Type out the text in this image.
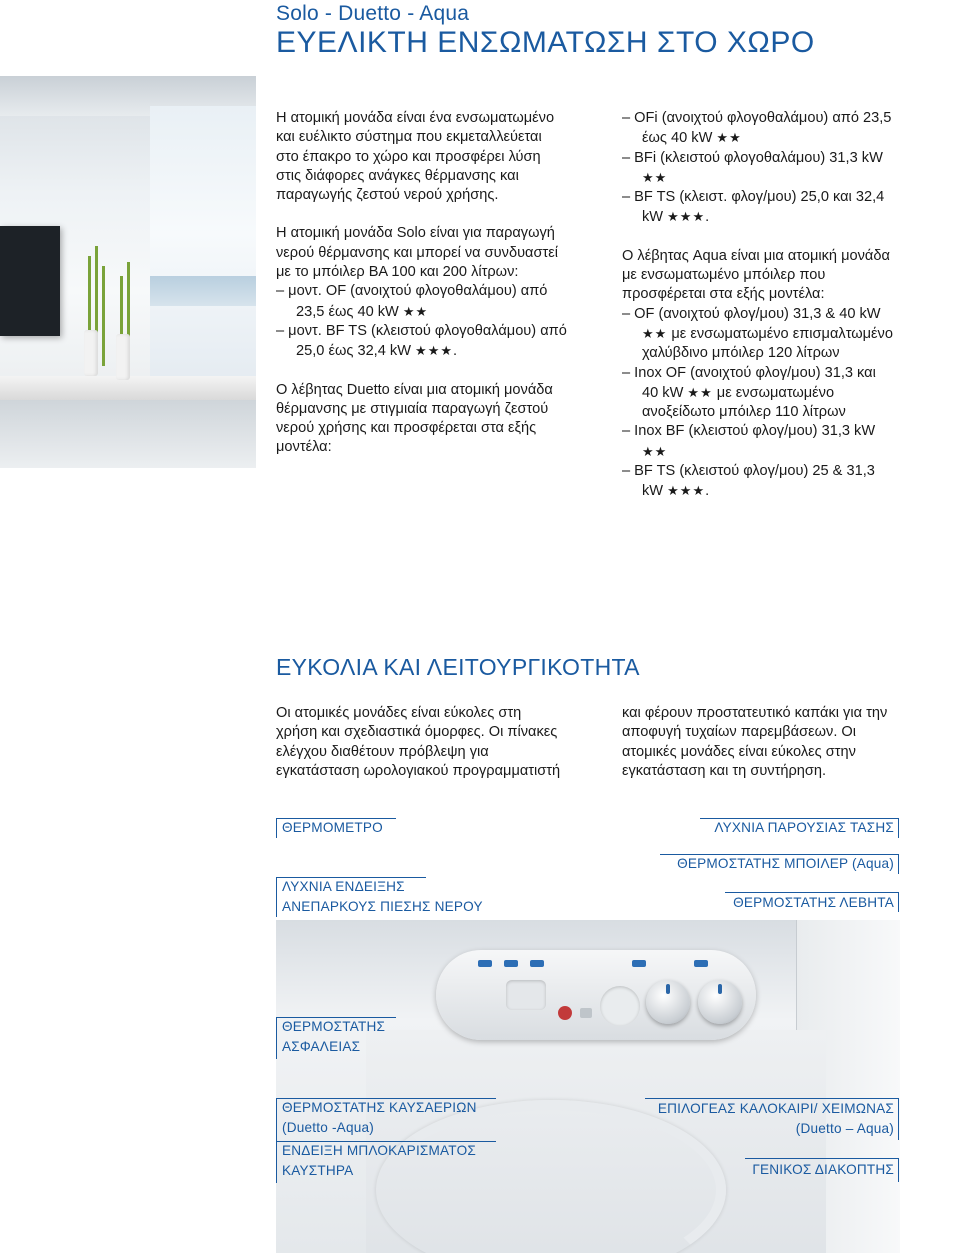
Solo - Duetto - Aqua
ΕΥΕΛΙΚΤΗ ΕΝΣΩΜΑΤΩΣΗ ΣΤΟ ΧΩΡΟ

Η ατομική μονάδα είναι ένα ενσωματωμένο και ευέλικτο σύστημα που εκμεταλλεύεται στο έπακρο το χώρο και προσφέρει λύση στις διάφορες ανάγκες θέρμανσης και παραγωγής ζεστού νερού χρήσης.

Η ατομική μονάδα Solo είναι για παραγωγή νερού θέρμανσης και μπορεί να συνδυαστεί με το μπόιλερ BA 100 και 200 λίτρων:

– μοντ. OF (ανοιχτού φλογοθαλάμου) από 23,5 έως 40 kW ★★
– μοντ. BF TS (κλειστού φλογοθαλάμου) από 25,0 έως 32,4 kW ★★★.

Ο λέβητας Duetto είναι μια ατομική μονάδα θέρμανσης με στιγμιαία παραγωγή ζεστού νερού χρήσης και προσφέρεται στα εξής μοντέλα:

– OFi (ανοιχτού φλογοθαλάμου) από 23,5 έως 40 kW ★★
– BFi (κλειστού φλογοθαλάμου) 31,3 kW ★★
– BF TS (κλειστ. φλογ/μου) 25,0 και 32,4 kW ★★★.

Ο λέβητας Aqua είναι μια ατομική μονάδα με ενσωματωμένο μπόιλερ που προσφέρεται στα εξής μοντέλα:

– OF (ανοιχτού φλογ/μου) 31,3 & 40 kW ★★ με ενσωματωμένο επισμαλτωμένο χαλύβδινο μπόιλερ 120 λίτρων
– Inox OF (ανοιχτού φλογ/μου) 31,3 και 40 kW ★★ με ενσωματωμένο ανοξείδωτο μπόιλερ 110 λίτρων
– Inox BF (κλειστού φλογ/μου) 31,3 kW ★★
– BF TS (κλειστού φλογ/μου) 25 & 31,3 kW ★★★.
ΕΥΚΟΛΙΑ ΚΑΙ ΛΕΙΤΟΥΡΓΙΚΟΤΗΤΑ
Οι ατομικές μονάδες είναι εύκολες στη χρήση και σχεδιαστικά όμορφες. Οι πίνακες ελέγχου διαθέτουν πρόβλεψη για εγκατάσταση ωρολογιακού προγραμματιστή
και φέρουν προστατευτικό καπάκι για την αποφυγή τυχαίων παρεμβάσεων. Οι ατομικές μονάδες είναι εύκολες στην εγκατάσταση και τη συντήρηση.
ΘΕΡΜΟΜΕΤΡΟ	ΛΥΧΝΙΑ ΠΑΡΟΥΣΙΑΣ ΤΑΣΗΣ
ΘΕΡΜΟΣΤΑΤΗΣ ΜΠΟΙΛΕΡ (Aqua)
ΛΥΧΝΙΑ ΕΝΔΕΙΞΗΣ
ΑΝΕΠΑΡΚΟΥΣ ΠΙΕΣΗΣ ΝΕΡΟΥ	ΘΕΡΜΟΣΤΑΤΗΣ ΛΕΒΗΤΑ
ΘΕΡΜΟΣΤΑΤΗΣ
ΑΣΦΑΛΕΙΑΣ
ΘΕΡΜΟΣΤΑΤΗΣ ΚΑΥΣΑΕΡΙΩΝ
(Duetto -Aqua)
ΕΝΔΕΙΞΗ ΜΠΛΟΚΑΡΙΣΜΑΤΟΣ
ΚΑΥΣΤΗΡΑ
ΕΠΙΛΟΓΕΑΣ ΚΑΛΟΚΑΙΡΙ/ ΧΕΙΜΩΝΑΣ
(Duetto – Aqua)
ΓΕΝΙΚΟΣ ΔΙΑΚΟΠΤΗΣ
